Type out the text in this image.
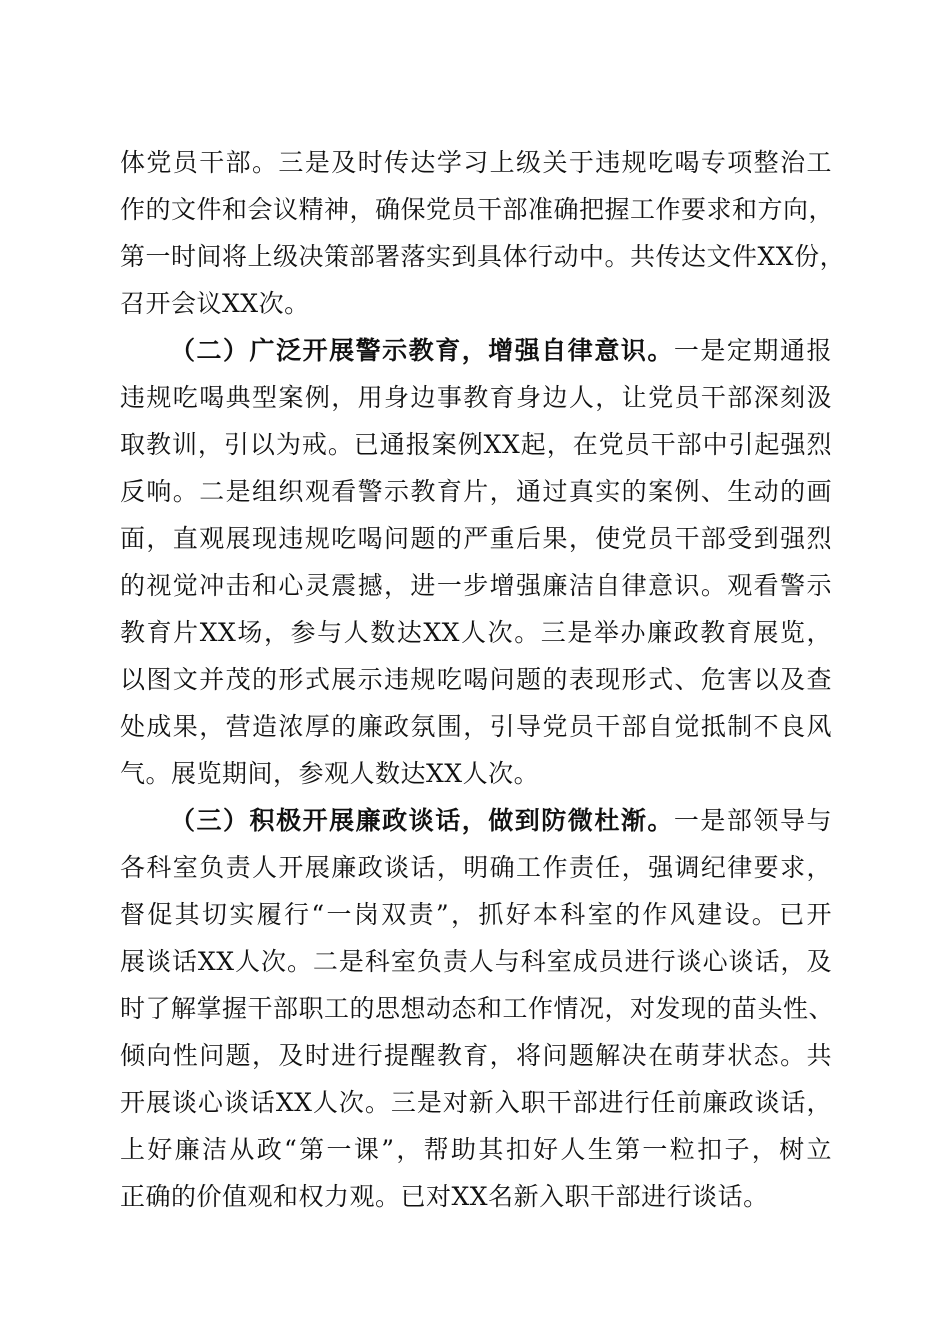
体党员干部。三是及时传达学习上级关于违规吃喝专项整治工
作的文件和会议精神，确保党员干部准确把握工作要求和方向，
第一时间将上级决策部署落实到具体行动中。共传达文件XX份，
召开会议XX次。
（二）广泛开展警示教育，增强自律意识。一是定期通报
违规吃喝典型案例，用身边事教育身边人，让党员干部深刻汲
取教训，引以为戒。已通报案例XX起，在党员干部中引起强烈
反响。二是组织观看警示教育片，通过真实的案例、生动的画
面，直观展现违规吃喝问题的严重后果，使党员干部受到强烈
的视觉冲击和心灵震撼，进一步增强廉洁自律意识。观看警示
教育片XX场，参与人数达XX人次。三是举办廉政教育展览，
以图文并茂的形式展示违规吃喝问题的表现形式、危害以及查
处成果，营造浓厚的廉政氛围，引导党员干部自觉抵制不良风
气。展览期间，参观人数达XX人次。
（三）积极开展廉政谈话，做到防微杜渐。一是部领导与
各科室负责人开展廉政谈话，明确工作责任，强调纪律要求，
督促其切实履行“一岗双责”，抓好本科室的作风建设。已开
展谈话XX人次。二是科室负责人与科室成员进行谈心谈话，及
时了解掌握干部职工的思想动态和工作情况，对发现的苗头性、
倾向性问题，及时进行提醒教育，将问题解决在萌芽状态。共
开展谈心谈话XX人次。三是对新入职干部进行任前廉政谈话，
上好廉洁从政“第一课”，帮助其扣好人生第一粒扣子，树立
正确的价值观和权力观。已对XX名新入职干部进行谈话。
